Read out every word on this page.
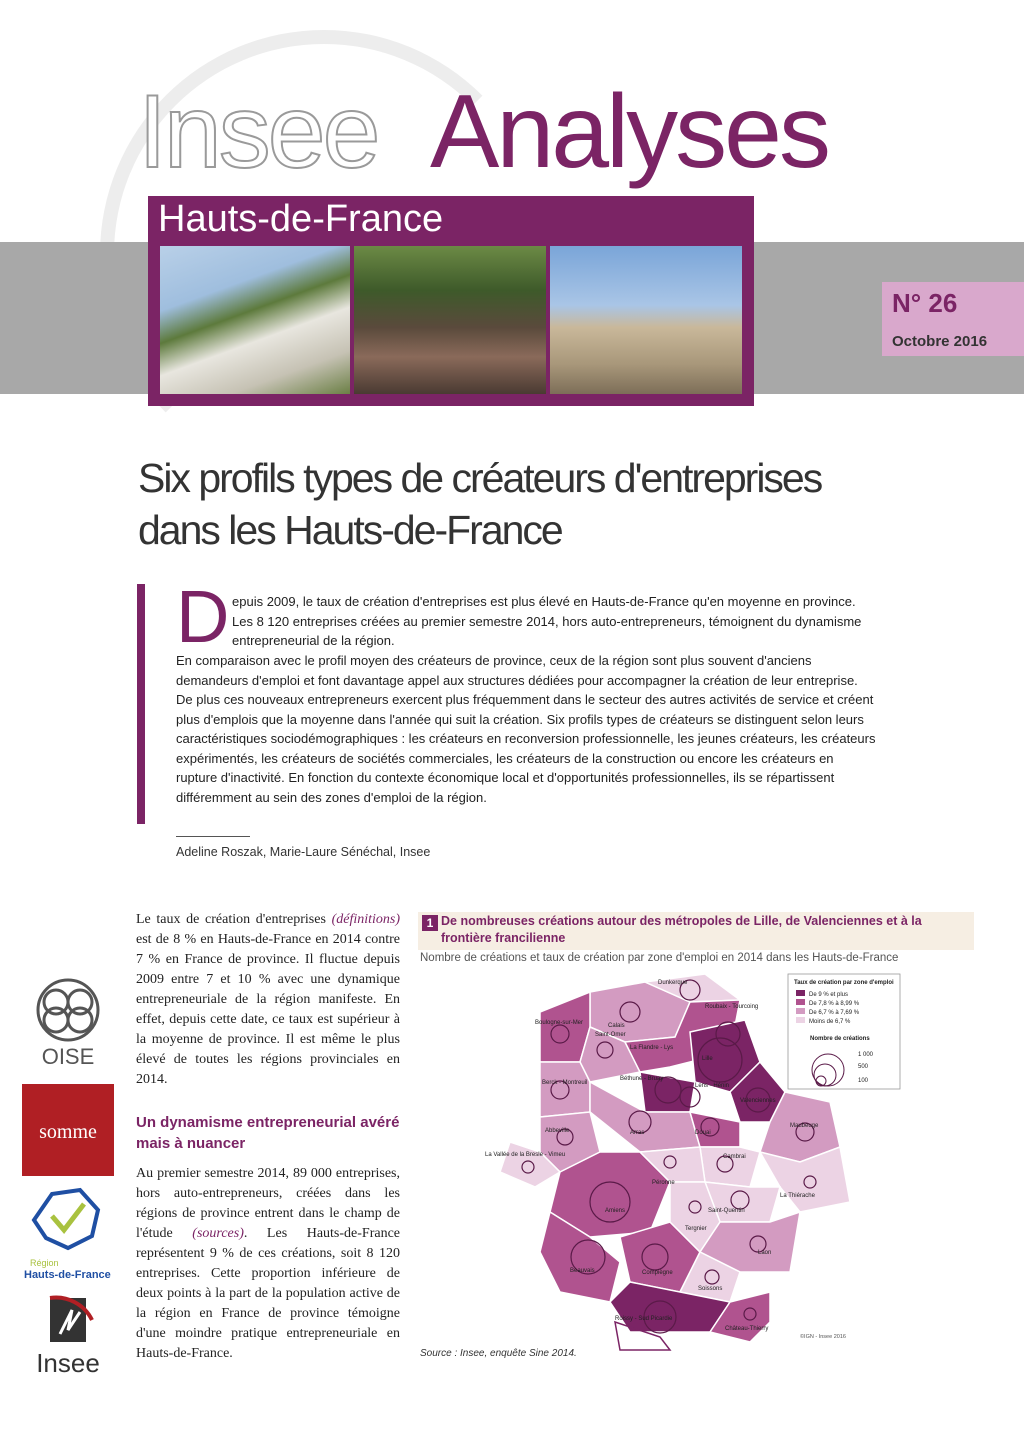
Insee Analyses
Hauts-de-France
N° 26
Octobre 2016
Six profils types de créateurs d'entreprises
dans les Hauts-de-France
D epuis 2009, le taux de création d'entreprises est plus élevé en Hauts-de-France qu'en moyenne en province. Les 8 120 entreprises créées au premier semestre 2014, hors auto-entrepreneurs, témoignent du dynamisme entrepreneurial de la région.
En comparaison avec le profil moyen des créateurs de province, ceux de la région sont plus souvent d'anciens demandeurs d'emploi et font davantage appel aux structures dédiées pour accompagner la création de leur entreprise. De plus ces nouveaux entrepreneurs exercent plus fréquemment dans le secteur des autres activités de service et créent plus d'emplois que la moyenne dans l'année qui suit la création. Six profils types de créateurs se distinguent selon leurs caractéristiques sociodémographiques : les créateurs en reconversion professionnelle, les jeunes créateurs, les créateurs expérimentés, les créateurs de sociétés commerciales, les créateurs de la construction ou encore les créateurs en rupture d'inactivité. En fonction du contexte économique local et d'opportunités professionnelles, ils se répartissent différemment au sein des zones d'emploi de la région.
Adeline Roszak, Marie-Laure Sénéchal, Insee
OISE
somme
Région
Hauts-de-France
Insee
Le taux de création d'entreprises (définitions) est de 8 % en Hauts-de-France en 2014 contre 7 % en France de province. Il fluctue depuis 2009 entre 7 et 10 % avec une dynamique entrepreneuriale de la région manifeste. En effet, depuis cette date, ce taux est supérieur à la moyenne de province. Il est même le plus élevé de toutes les régions provinciales en 2014.
Un dynamisme entrepreneurial avéré mais à nuancer
Au premier semestre 2014, 89 000 entreprises, hors auto-entrepreneurs, créées dans les régions de province entrent dans le champ de l'étude (sources). Les Hauts-de-France représentent 9 % de ces créations, soit 8 120 entreprises. Cette proportion inférieure de deux points à la part de la population active de la région en France de province témoigne d'une moindre pratique entrepreneuriale en Hauts-de-France.
1 De nombreuses créations autour des métropoles de Lille, de Valenciennes et à la frontière francilienne
Nombre de créations et taux de création par zone d'emploi en 2014 dans les Hauts-de-France
Dunkerque
Roubaix - Tourcoing
Calais
Boulogne-sur-Mer
Saint-Omer
La Flandre - Lys
Béthune - Bruay
Lille
Lens - Hénin
Valenciennes
Berck - Montreuil
Douai
Arras
Maubeuge
Cambrai
Abbeville
La Vallée de la Bresle - Vimeu
Péronne
La Thiérache
Saint-Quentin
Amiens
Beauvais	Compiègne
Tergnier
Laon
Soissons
Roissy - Sud Picardie
Château-Thierry
Taux de création par zone d'emploi
De 9 % et plus
De 7,8 % à 8,99 %
De 6,7 % à 7,69 %
Moins de 6,7 %
Nombre de créations
1 000
500
100
©IGN - Insee 2016
Source : Insee, enquête Sine 2014.
